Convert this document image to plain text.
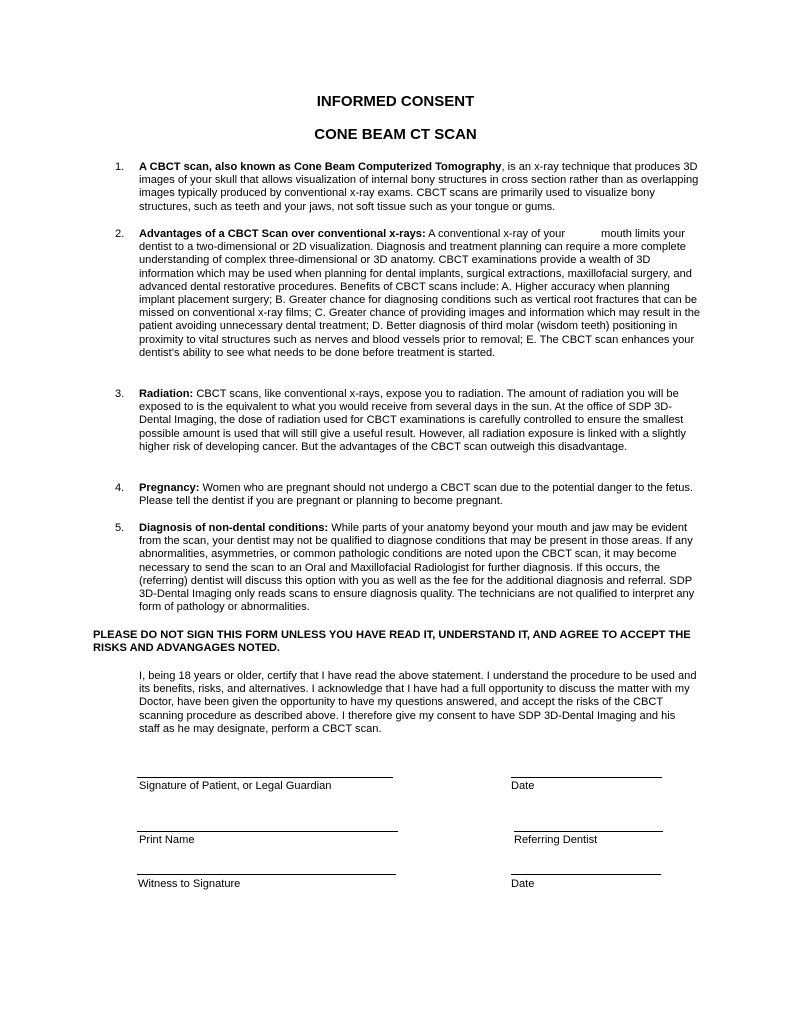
INFORMED CONSENT
CONE BEAM CT SCAN
1. A CBCT scan, also known as Cone Beam Computerized Tomography, is an x-ray technique that produces 3D images of your skull that allows visualization of internal bony structures in cross section rather than as overlapping images typically produced by conventional x-ray exams. CBCT scans are primarily used to visualize bony structures, such as teeth and your jaws, not soft tissue such as your tongue or gums.
2. Advantages of a CBCT Scan over conventional x-rays: A conventional x-ray of your	mouth limits your dentist to a two-dimensional or 2D visualization. Diagnosis and treatment planning can require a more complete understanding of complex three-dimensional or 3D anatomy. CBCT examinations provide a wealth of 3D information which may be used when planning for dental implants, surgical extractions, maxillofacial surgery, and advanced dental restorative procedures. Benefits of CBCT scans include: A. Higher accuracy when planning implant placement surgery; B. Greater chance for diagnosing conditions such as vertical root fractures that can be missed on conventional x-ray films; C. Greater chance of providing images and information which may result in the patient avoiding unnecessary dental treatment; D. Better diagnosis of third molar (wisdom teeth) positioning in proximity to vital structures such as nerves and blood vessels prior to removal; E. The CBCT scan enhances your dentist’s ability to see what needs to be done before treatment is started.
3. Radiation: CBCT scans, like conventional x-rays, expose you to radiation. The amount of radiation you will be exposed to is the equivalent to what you would receive from several days in the sun. At the office of SDP 3D- Dental Imaging, the dose of radiation used for CBCT examinations is carefully controlled to ensure the smallest possible amount is used that will still give a useful result. However, all radiation exposure is linked with a slightly higher risk of developing cancer. But the advantages of the CBCT scan outweigh this disadvantage.
4. Pregnancy: Women who are pregnant should not undergo a CBCT scan due to the potential danger to the fetus. Please tell the dentist if you are pregnant or planning to become pregnant.
5. Diagnosis of non-dental conditions: While parts of your anatomy beyond your mouth and jaw may be evident from the scan, your dentist may not be qualified to diagnose conditions that may be present in those areas. If any abnormalities, asymmetries, or common pathologic conditions are noted upon the CBCT scan, it may become necessary to send the scan to an Oral and Maxillofacial Radiologist for further diagnosis. If this occurs, the (referring) dentist will discuss this option with you as well as the fee for the additional diagnosis and referral. SDP 3D-Dental Imaging only reads scans to ensure diagnosis quality. The technicians are not qualified to interpret any form of pathology or abnormalities.
PLEASE DO NOT SIGN THIS FORM UNLESS YOU HAVE READ IT, UNDERSTAND IT, AND AGREE TO ACCEPT THE RISKS AND ADVANGAGES NOTED.
I, being 18 years or older, certify that I have read the above statement. I understand the procedure to be used and its benefits, risks, and alternatives. I acknowledge that I have had a full opportunity to discuss the matter with my Doctor, have been given the opportunity to have my questions answered, and accept the risks of the CBCT scanning procedure as described above. I therefore give my consent to have SDP 3D-Dental Imaging and his staff as he may designate, perform a CBCT scan.
Signature of Patient, or Legal Guardian	Date
Print Name	Referring Dentist
Witness to Signature	Date
